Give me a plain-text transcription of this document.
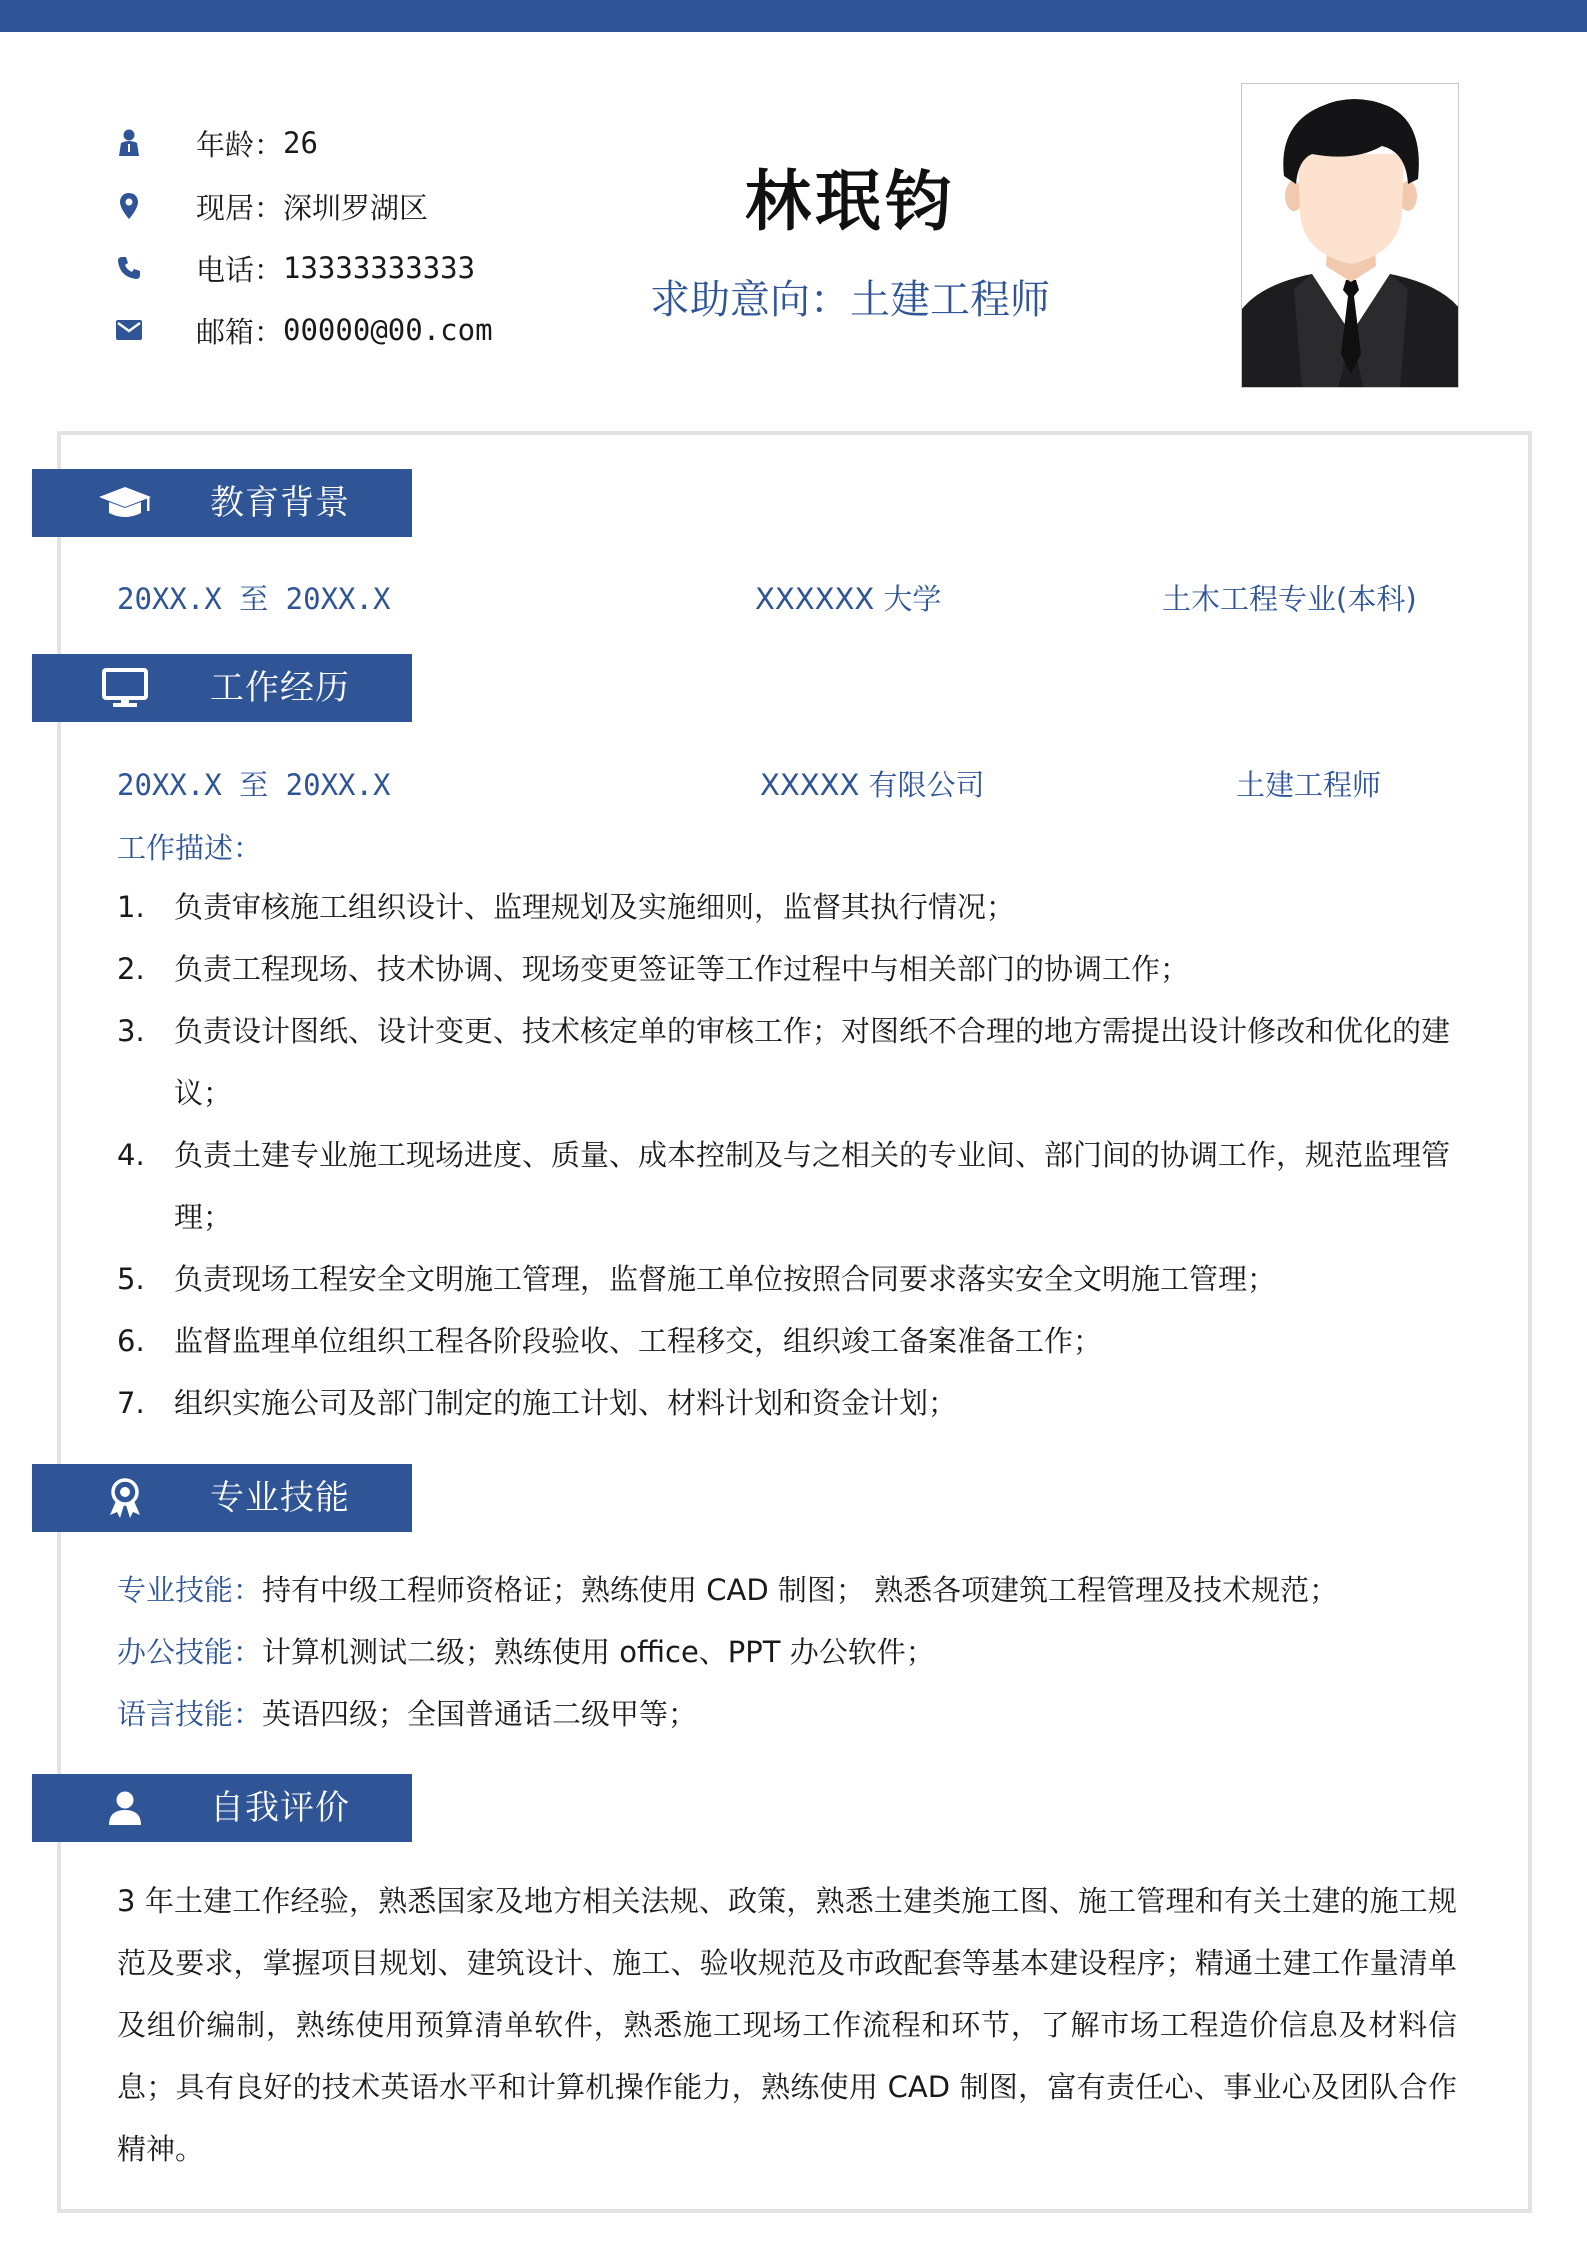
年龄： 26
现居： 深圳罗湖区
电话： 13333333333
邮箱： 00000@00.com
林珉钧
求助意向：土建工程师
教育背景
20XX.X 至 20XX.X	XXXXXX 大学	土木工程专业(本科)
工作经历
20XX.X 至 20XX.X	XXXXX 有限公司	土建工程师
工作描述：
1.	负责审核施工组织设计、监理规划及实施细则，监督其执行情况；
2.	负责工程现场、技术协调、现场变更签证等工作过程中与相关部门的协调工作；
3.	负责设计图纸、设计变更、技术核定单的审核工作；对图纸不合理的地方需提出设计修改和优化的建议；
4.	负责土建专业施工现场进度、质量、成本控制及与之相关的专业间、部门间的协调工作，规范监理管理；
5.	负责现场工程安全文明施工管理，监督施工单位按照合同要求落实安全文明施工管理；
6.	监督监理单位组织工程各阶段验收、工程移交，组织竣工备案准备工作；
7.	组织实施公司及部门制定的施工计划、材料计划和资金计划；
专业技能
专业技能：持有中级工程师资格证；熟练使用 CAD 制图； 熟悉各项建筑工程管理及技术规范；
办公技能：计算机测试二级；熟练使用 office、PPT 办公软件；
语言技能：英语四级；全国普通话二级甲等；
自我评价
3 年土建工作经验，熟悉国家及地方相关法规、政策，熟悉土建类施工图、施工管理和有关土建的施工规范及要求，掌握项目规划、建筑设计、施工、验收规范及市政配套等基本建设程序；精通土建工作量清单及组价编制，熟练使用预算清单软件，熟悉施工现场工作流程和环节，了解市场工程造价信息及材料信息；具有良好的技术英语水平和计算机操作能力，熟练使用 CAD 制图，富有责任心、事业心及团队合作精神。
